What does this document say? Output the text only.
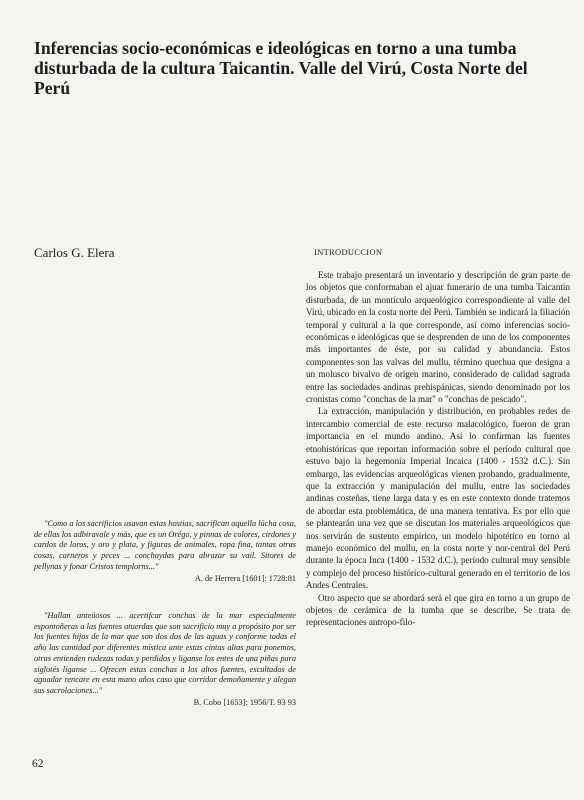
Inferencias socio-económicas e ideológicas en torno a una tumba disturbada de la cultura Taicantin. Valle del Virú, Costa Norte del Perú
Carlos G. Elera	INTRODUCCION

"Como a los sacrificios usavan estas hostias, sacrifican aquella lücha cosa, de ellas los adbiravale y más, que es un Orégo, y pinnas de colores, cirdones y cardos de loros, y oro y plata, y figuras de animales, ropa fina, tantas otras cosas, carneros y peces ... conchaydas para abrazar su vail. Sitores de pellynas y fonar Cristos templorns..."

A. de Herrera [1601]: 1728:81

"Hallan anteüosos ... acertifcar conchas de la mar especialmente espontoñeras a las fuentes atuerdas que son sacrificio muy a propósito por ser los fuentes hijos de la mar que son dos dos de las aguas y conforme todas el año las cantidad por diferentes mística ante estas cintas altas para ponemos, otras entienden rudezas todas y perdidos y liganse los entes de una piñas para siglotés líganse ... Ofrecen estas conchas a los altos fuentes, escultados de aguadar rencare en esta mano años caso que corridor demoñamente y alegan sus sacrolaciones..."

B. Cobo [1653]: 1956/T. 93 93

Este trabajo presentará un inventario y descripción de gran parte de los objetos que conformaban el ajuar funerario de una tumba Taicantin disturbada, de un montículo arqueológico correspondiente al valle del Virú, ubicado en la costa norte del Perú. También se indicará la filiación temporal y cultural a la que corresponde, así como inferencias socio-económicas e ideológicas que se desprenden de uno de los componentes más importantes de éste, por su calidad y abundancia. Estos componentes son las valvas del mullu, término quechua que designa a un molusco bivalvo de origen marino, considerado de calidad sagrada entre las sociedades andinas prehispánicas, siendo denominado por los cronistas como "conchas de la mar" o "conchas de pescado".

La extracción, manipulación y distribución, en probables redes de intercambio comercial de este recurso malacológico, fueron de gran importancia en el mundo andino. Así lo confirman las fuentes etnohistóricas que reportan información sobre el período cultural que estuvo bajo la hegemonía Imperial Incaica (1400 - 1532 d.C.). Sin embargo, las evidencias arqueológicas vienen probando, gradualmente, que la extracción y manipulación del mullu, entre las sociedades andinas costeñas, tiene larga data y es en este contexto donde tratemos de abordar esta problemática, de una manera tentativa. Es por ello que se plantearán una vez que se discutan los materiales arqueológicos que nos servirán de sustento empírico, un modelo hipotético en torno al manejo económico del mullu, en la costa norte y nor-central del Perú durante la época Inca (1400 - 1532 d.C.), período cultural muy sensible y complejo del proceso histórico-cultural generado en el territorio de los Andes Centrales.

Otro aspecto que se abordará será el que gira en torno a un grupo de objetos de cerámica de la tumba que se describe. Se trata de representaciones antropo-filo-

62
